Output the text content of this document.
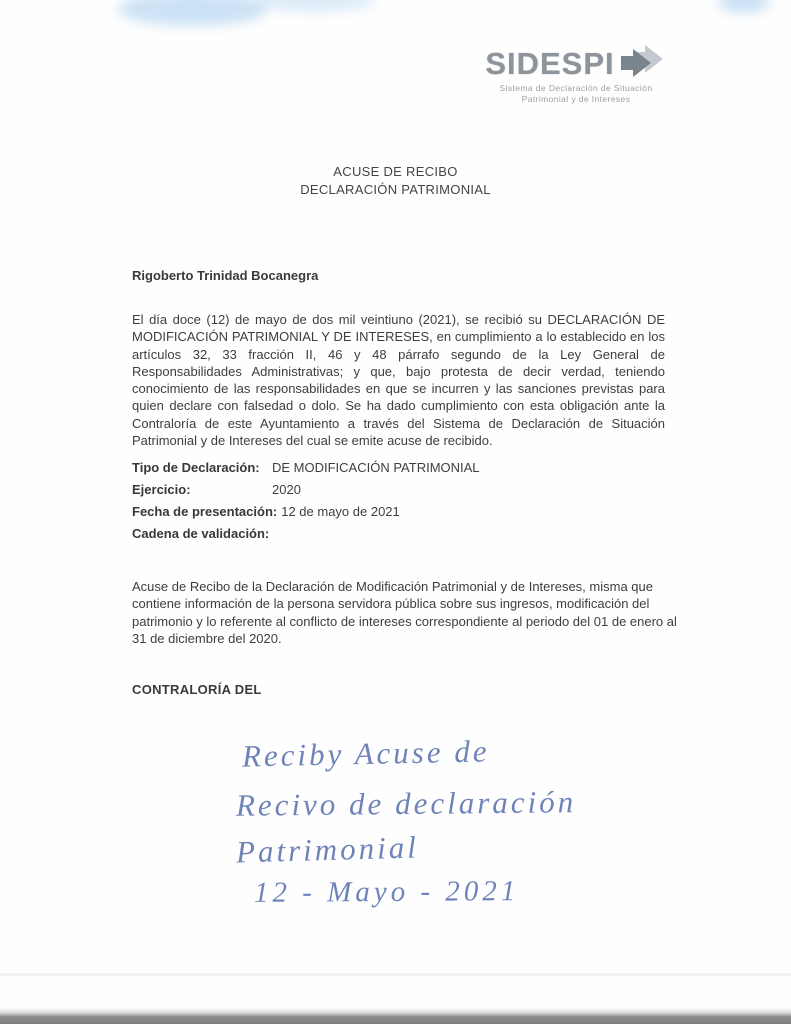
SIDESPI
Sistema de Declaración de Situación
Patrimonial y de Intereses
ACUSE DE RECIBO
DECLARACIÓN PATRIMONIAL
Rigoberto Trinidad Bocanegra
El día doce (12) de mayo de dos mil veintiuno (2021), se recibió su DECLARACIÓN DE MODIFICACIÓN PATRIMONIAL Y DE INTERESES, en cumplimiento a lo establecido en los artículos 32, 33 fracción II, 46 y 48 párrafo segundo de la Ley General de Responsabilidades Administrativas; y que, bajo protesta de decir verdad, teniendo conocimiento de las responsabilidades en que se incurren y las sanciones previstas para quien declare con falsedad o dolo. Se ha dado cumplimiento con esta obligación ante la Contraloría de este Ayuntamiento a través del Sistema de Declaración de Situación Patrimonial y de Intereses del cual se emite acuse de recibido.
Tipo de Declaración: DE MODIFICACIÓN PATRIMONIAL
Ejercicio:	2020
Fecha de presentación: 12 de mayo de 2021
Cadena de validación:
Acuse de Recibo de la Declaración de Modificación Patrimonial y de Intereses, misma que contiene información de la persona servidora pública sobre sus ingresos, modificación del patrimonio y lo referente al conflicto de intereses correspondiente al periodo del 01 de enero al 31 de diciembre del 2020.
CONTRALORÍA DEL
Reciby Acuse de
Recivo de declaración
Patrimonial
12 - Mayo - 2021
